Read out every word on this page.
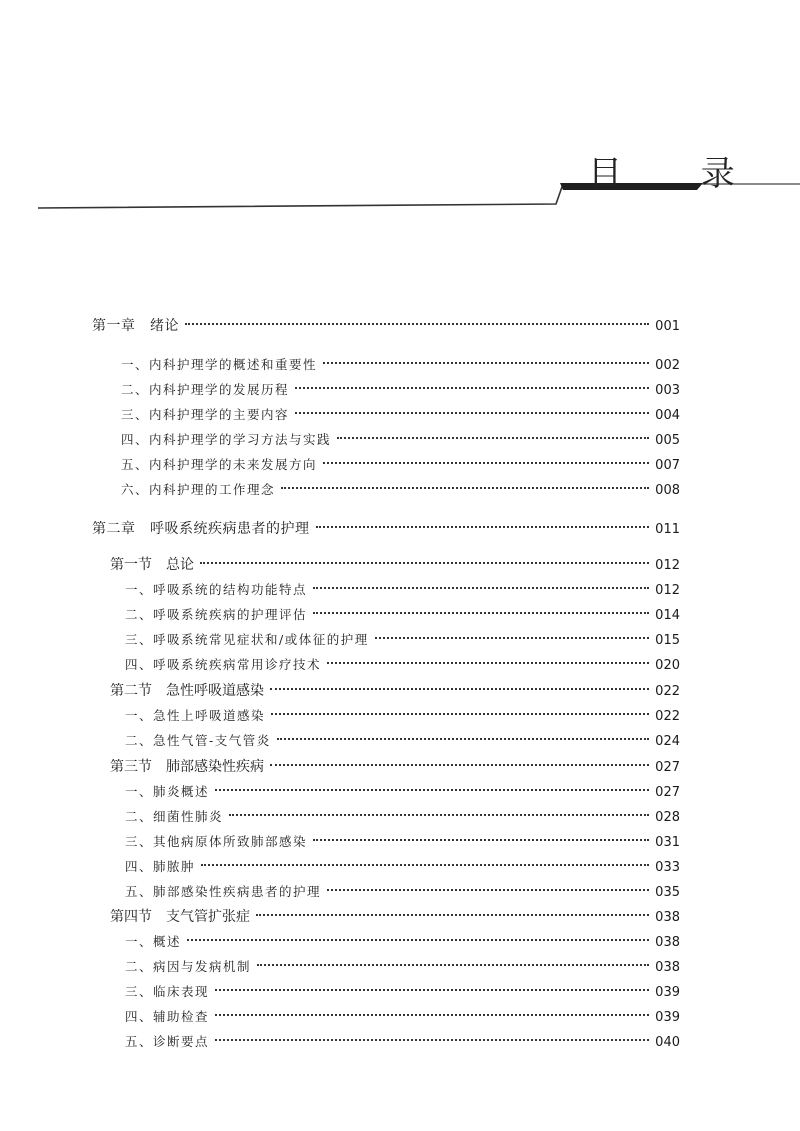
目 录
第一章　绪论	001
一、内科护理学的概述和重要性	002
二、内科护理学的发展历程	003
三、内科护理学的主要内容	004
四、内科护理学的学习方法与实践	005
五、内科护理学的未来发展方向	007
六、内科护理的工作理念	008
第二章　呼吸系统疾病患者的护理	011
第一节　总论	012
一、呼吸系统的结构功能特点	012
二、呼吸系统疾病的护理评估	014
三、呼吸系统常见症状和/或体征的护理	015
四、呼吸系统疾病常用诊疗技术	020
第二节　急性呼吸道感染	022
一、急性上呼吸道感染	022
二、急性气管-支气管炎	024
第三节　肺部感染性疾病	027
一、肺炎概述	027
二、细菌性肺炎	028
三、其他病原体所致肺部感染	031
四、肺脓肿	033
五、肺部感染性疾病患者的护理	035
第四节　支气管扩张症	038
一、概述	038
二、病因与发病机制	038
三、临床表现	039
四、辅助检查	039
五、诊断要点	040
